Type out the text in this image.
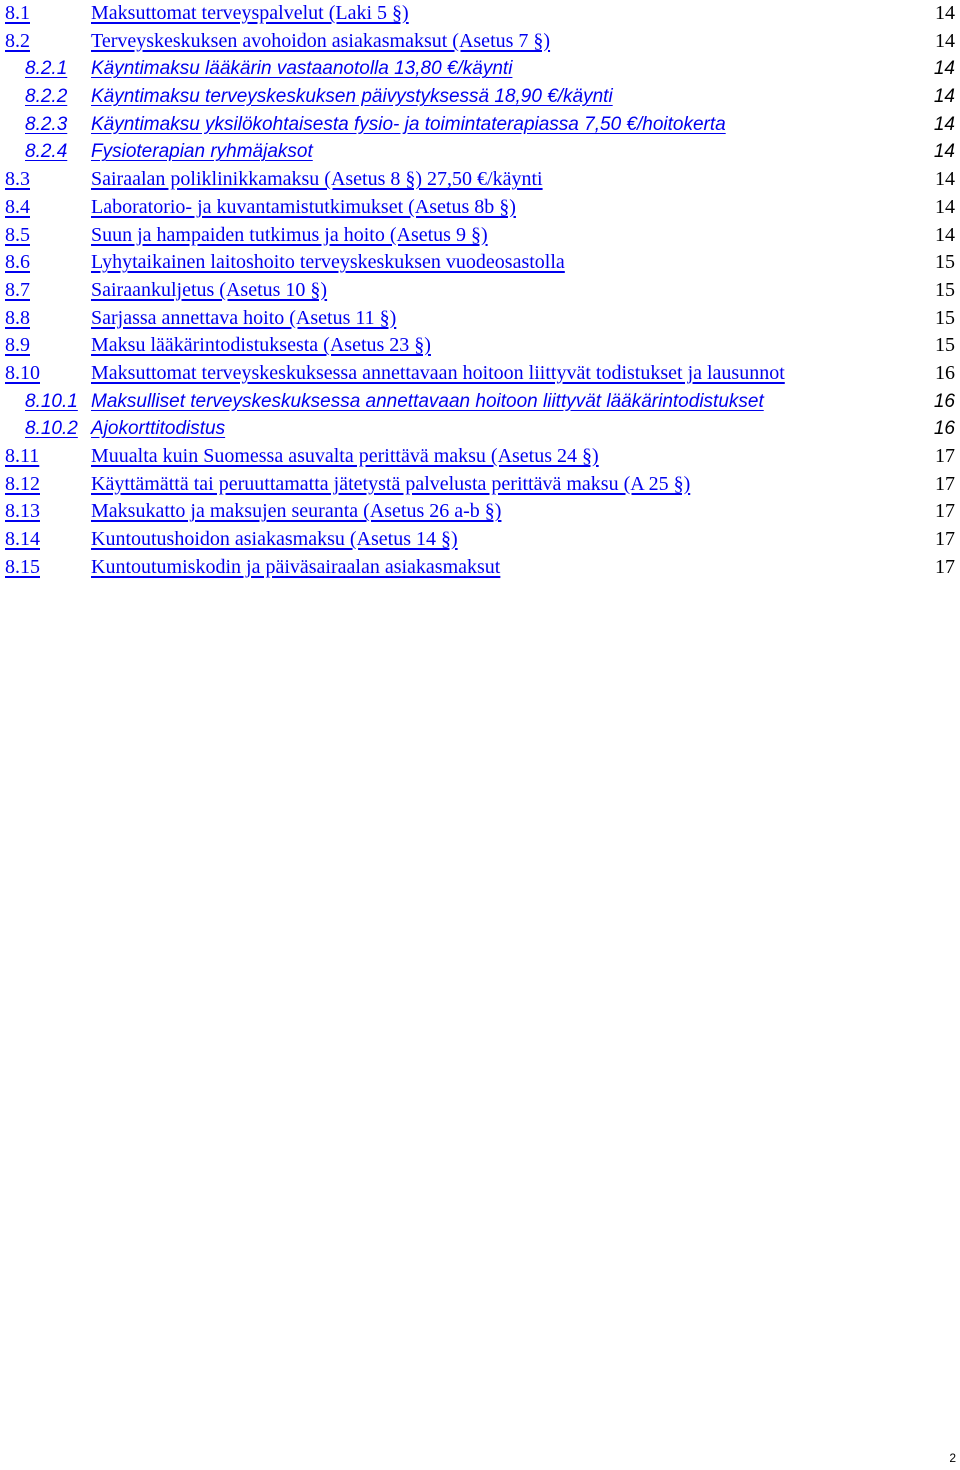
8.1	Maksuttomat terveyspalvelut (Laki 5 §)	14
8.2	Terveyskeskuksen avohoidon asiakasmaksut (Asetus 7 §)	14
8.2.1 Käyntimaksu lääkärin vastaanotolla 13,80 €/käynti	14
8.2.2 Käyntimaksu terveyskeskuksen päivystyksessä 18,90 €/käynti	14
8.2.3 Käyntimaksu yksilökohtaisesta fysio- ja toimintaterapiassa 7,50 €/hoitokerta	14
8.2.4 Fysioterapian ryhmäjaksot	14
8.3	Sairaalan poliklinikkamaksu (Asetus 8 §) 27,50 €/käynti	14
8.4	Laboratorio- ja kuvantamistutkimukset (Asetus 8b §)	14
8.5	Suun ja hampaiden tutkimus ja hoito (Asetus 9 §)	14
8.6	Lyhytaikainen laitoshoito terveyskeskuksen vuodeosastolla	15
8.7	Sairaankuljetus (Asetus 10 §)	15
8.8	Sarjassa annettava hoito (Asetus 11 §)	15
8.9	Maksu lääkärintodistuksesta (Asetus 23 §)	15
8.10	Maksuttomat terveyskeskuksessa annettavaan hoitoon liittyvät todistukset ja lausunnot	16
8.10.1 Maksulliset terveyskeskuksessa annettavaan hoitoon liittyvät lääkärintodistukset	16
8.10.2 Ajokorttitodistus	16
8.11	Muualta kuin Suomessa asuvalta perittävä maksu (Asetus 24 §)	17
8.12	Käyttämättä tai peruuttamatta jätetystä palvelusta perittävä maksu (A 25 §)	17
8.13	Maksukatto ja maksujen seuranta (Asetus 26 a-b §)	17
8.14	Kuntoutushoidon asiakasmaksu (Asetus 14 §)	17
8.15	Kuntoutumiskodin ja päiväsairaalan asiakasmaksut	17
2
